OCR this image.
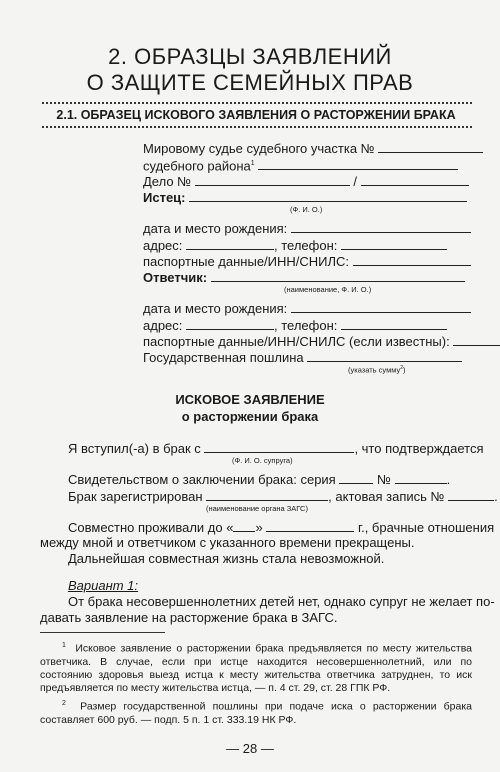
2. ОБРАЗЦЫ ЗАЯВЛЕНИЙ
О ЗАЩИТЕ СЕМЕЙНЫХ ПРАВ
2.1. ОБРАЗЕЦ ИСКОВОГО ЗАЯВЛЕНИЯ О РАСТОРЖЕНИИ БРАКА
Мировому судье судебного участка №
судебного района$^1$
Дело №	/
Истец:
(Ф. И. О.)
дата и место рождения:
адрес:	, телефон:
паспортные данные/ИНН/СНИЛС:
Ответчик:
(наименование, Ф. И. О.)
дата и место рождения:
адрес:	, телефон:
паспортные данные/ИНН/СНИЛС (если известны):
Государственная пошлина
(указать сумму$^2$)
ИСКОВОЕ ЗАЯВЛЕНИЕ
о расторжении брака
Я вступил(-а) в брак с	, что подтверждается
(Ф. И. О. супруга)
Свидетельством о заключении брака: серия	№	.
Брак зарегистрирован	, актовая запись №	.
(наименование органа ЗАГС)
Совместно проживали до « »	г., брачные отношения
между мной и ответчиком с указанного времени прекращены.
Дальнейшая совместная жизнь стала невозможной.
Вариант 1:
От брака несовершеннолетних детей нет, однако супруг не желает по-
давать заявление на расторжение брака в ЗАГС.
$^1$ Исковое заявление о расторжении брака предъявляется по месту жительства ответчика. В случае, если при истце находится несовершеннолетний, или по состоянию здоровья выезд истца к месту жительства ответчика затруднен, то иск предъявляется по месту жительства истца, — п. 4 ст. 29, ст. 28 ГПК РФ.
$^2$ Размер государственной пошлины при подаче иска о расторжении брака составляет 600 руб. — подп. 5 п. 1 ст. 333.19 НК РФ.
— 28 —
